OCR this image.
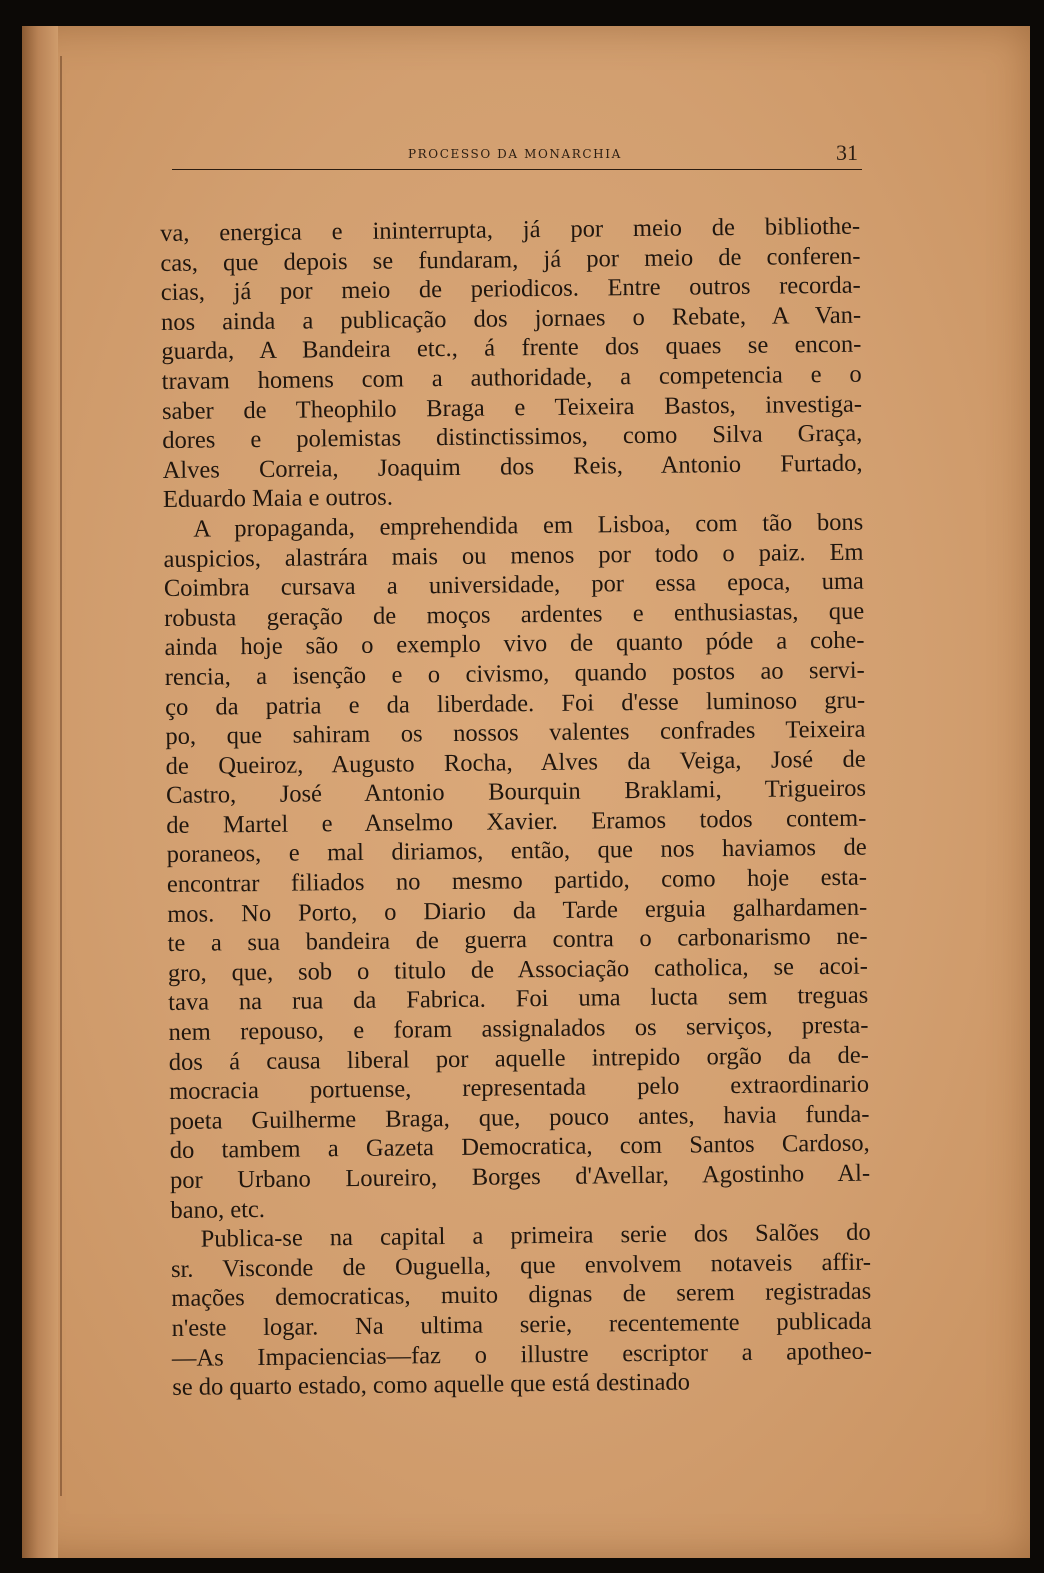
PROCESSO DA MONARCHIA	31
va, energica e ininterrupta, já por meio de bibliothe-
cas, que depois se fundaram, já por meio de conferen-
cias, já por meio de periodicos. Entre outros recorda-
nos ainda a publicação dos jornaes o Rebate, A Van-
guarda, A Bandeira etc., á frente dos quaes se encon-
travam homens com a authoridade, a competencia e o
saber de Theophilo Braga e Teixeira Bastos, investiga-
dores e polemistas distinctissimos, como Silva Graça,
Alves Correia, Joaquim dos Reis, Antonio Furtado,
Eduardo Maia e outros.
A propaganda, emprehendida em Lisboa, com tão bons
auspicios, alastrára mais ou menos por todo o paiz. Em
Coimbra cursava a universidade, por essa epoca, uma
robusta geração de moços ardentes e enthusiastas, que
ainda hoje são o exemplo vivo de quanto póde a cohe-
rencia, a isenção e o civismo, quando postos ao servi-
ço da patria e da liberdade. Foi d'esse luminoso gru-
po, que sahiram os nossos valentes confrades Teixeira
de Queiroz, Augusto Rocha, Alves da Veiga, José de
Castro, José Antonio Bourquin Braklami, Trigueiros
de Martel e Anselmo Xavier. Eramos todos contem-
poraneos, e mal diriamos, então, que nos haviamos de
encontrar filiados no mesmo partido, como hoje esta-
mos. No Porto, o Diario da Tarde erguia galhardamen-
te a sua bandeira de guerra contra o carbonarismo ne-
gro, que, sob o titulo de Associação catholica, se acoi-
tava na rua da Fabrica. Foi uma lucta sem treguas
nem repouso, e foram assignalados os serviços, presta-
dos á causa liberal por aquelle intrepido orgão da de-
mocracia portuense, representada pelo extraordinario
poeta Guilherme Braga, que, pouco antes, havia funda-
do tambem a Gazeta Democratica, com Santos Cardoso,
por Urbano Loureiro, Borges d'Avellar, Agostinho Al-
bano, etc.
Publica-se na capital a primeira serie dos Salões do
sr. Visconde de Ouguella, que envolvem notaveis affir-
mações democraticas, muito dignas de serem registradas
n'este logar. Na ultima serie, recentemente publicada
—As Impaciencias—faz o illustre escriptor a apotheo-
se do quarto estado, como aquelle que está destinado
